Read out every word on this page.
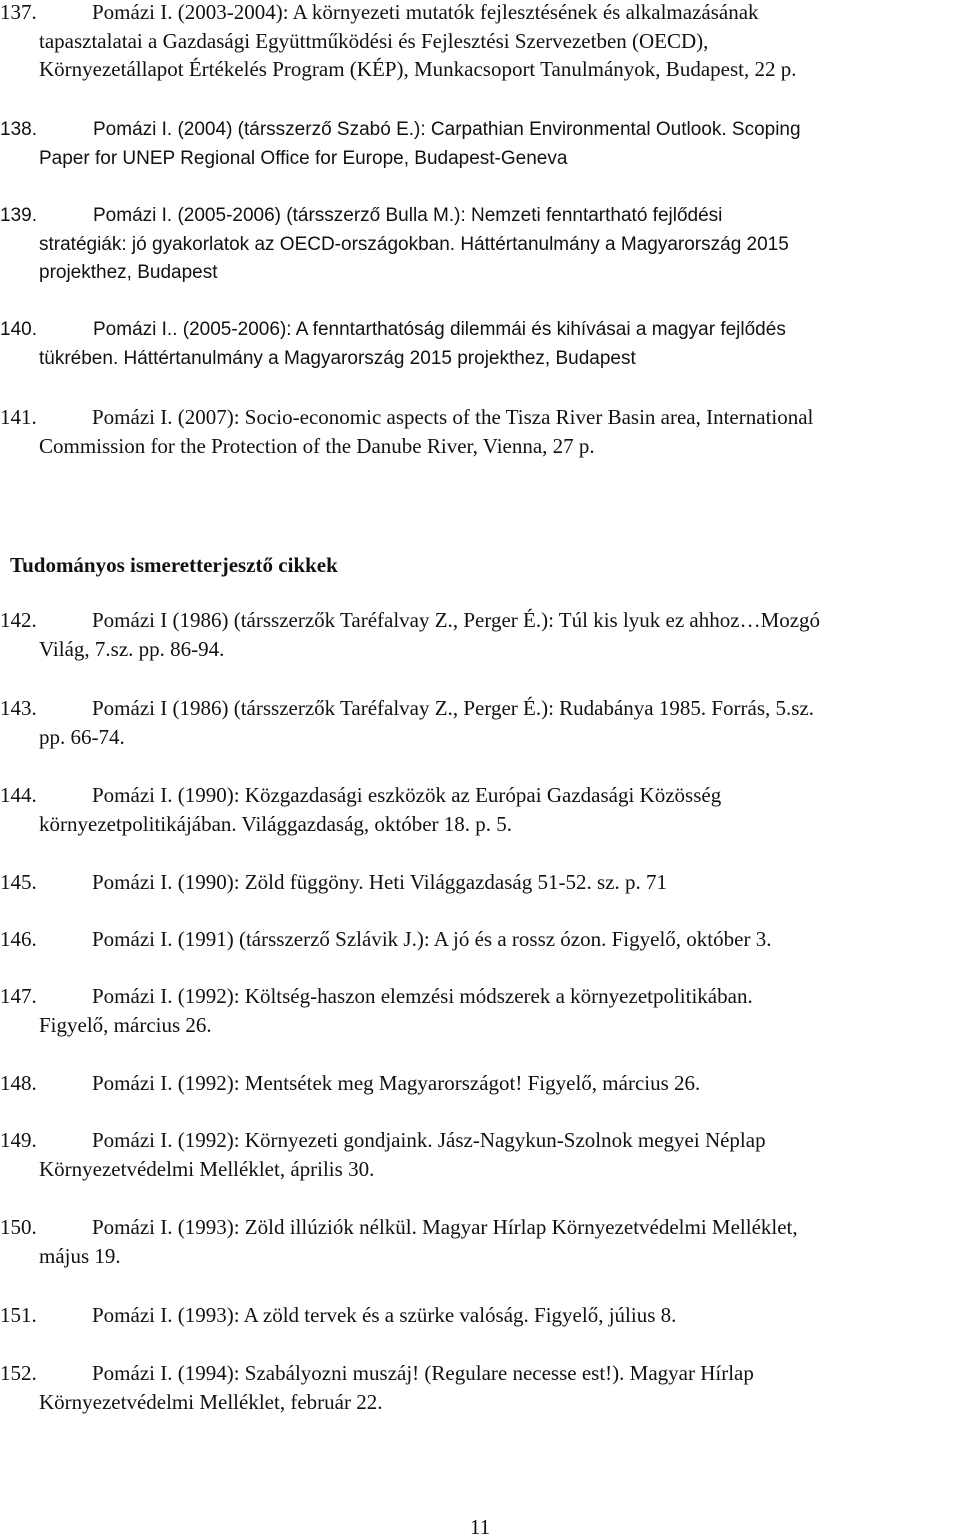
137.	Pomázi I. (2003-2004): A környezeti mutatók fejlesztésének és alkalmazásának
tapasztalatai a Gazdasági Együttműködési és Fejlesztési Szervezetben (OECD),
Környezetállapot Értékelés Program (KÉP), Munkacsoport Tanulmányok, Budapest, 22 p.
138.	Pomázi I. (2004) (társszerző Szabó E.): Carpathian Environmental Outlook. Scoping
Paper for UNEP Regional Office for Europe, Budapest-Geneva
139.	Pomázi I. (2005-2006) (társszerző Bulla M.): Nemzeti fenntartható fejlődési
stratégiák: jó gyakorlatok az OECD-országokban. Háttértanulmány a Magyarország 2015
projekthez, Budapest
140.	Pomázi I.. (2005-2006): A fenntarthatóság dilemmái és kihívásai a magyar fejlődés
tükrében. Háttértanulmány a Magyarország 2015 projekthez, Budapest
141.	Pomázi I. (2007): Socio-economic aspects of the Tisza River Basin area, International
Commission for the Protection of the Danube River, Vienna, 27 p.
Tudományos ismeretterjesztő cikkek
142.	Pomázi I (1986) (társszerzők Taréfalvay Z., Perger É.): Túl kis lyuk ez ahhoz…Mozgó
Világ, 7.sz. pp. 86-94.
143.	Pomázi I (1986) (társszerzők Taréfalvay Z., Perger É.): Rudabánya 1985. Forrás, 5.sz.
pp. 66-74.
144.	Pomázi I. (1990): Közgazdasági eszközök az Európai Gazdasági Közösség
környezetpolitikájában. Világgazdaság, október 18. p. 5.
145.	Pomázi I. (1990): Zöld függöny. Heti Világgazdaság 51-52. sz. p. 71
146.	Pomázi I. (1991) (társszerző Szlávik J.): A jó és a rossz ózon. Figyelő, október 3.
147.	Pomázi I. (1992): Költség-haszon elemzési módszerek a környezetpolitikában.
Figyelő, március 26.
148.	Pomázi I. (1992): Mentsétek meg Magyarországot! Figyelő, március 26.
149.	Pomázi I. (1992): Környezeti gondjaink. Jász-Nagykun-Szolnok megyei Néplap
Környezetvédelmi Melléklet, április 30.
150.	Pomázi I. (1993): Zöld illúziók nélkül. Magyar Hírlap Környezetvédelmi Melléklet,
május 19.
151.	Pomázi I. (1993): A zöld tervek és a szürke valóság. Figyelő, július 8.
152.	Pomázi I. (1994): Szabályozni muszáj! (Regulare necesse est!). Magyar Hírlap
Környezetvédelmi Melléklet, február 22.
11
